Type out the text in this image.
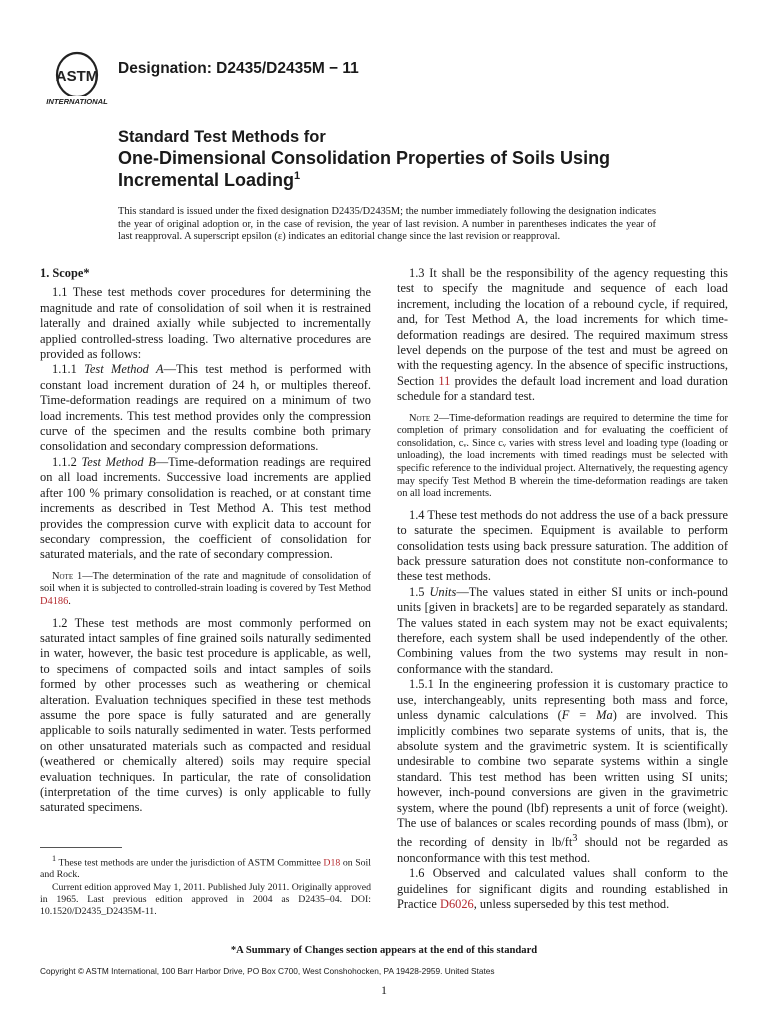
ASTM
INTERNATIONAL
Designation: D2435/D2435M − 11
Standard Test Methods for
One-Dimensional Consolidation Properties of Soils Using
Incremental Loading$^1$
This standard is issued under the fixed designation D2435/D2435M; the number immediately following the designation indicates the year of original adoption or, in the case of revision, the year of last revision. A number in parentheses indicates the year of last reapproval. A superscript epsilon (ε) indicates an editorial change since the last revision or reapproval.

1. Scope*

1.1 These test methods cover procedures for determining the magnitude and rate of consolidation of soil when it is restrained laterally and drained axially while subjected to incrementally applied controlled-stress loading. Two alternative procedures are provided as follows:

1.1.1 Test Method A—This test method is performed with constant load increment duration of 24 h, or multiples thereof. Time-deformation readings are required on a minimum of two load increments. This test method provides only the compression curve of the specimen and the results combine both primary consolidation and secondary compression deformations.

1.1.2 Test Method B—Time-deformation readings are required on all load increments. Successive load increments are applied after 100 % primary consolidation is reached, or at constant time increments as described in Test Method A. This test method provides the compression curve with explicit data to account for secondary compression, the coefficient of consolidation for saturated materials, and the rate of secondary compression.

Note 1—The determination of the rate and magnitude of consolidation of soil when it is subjected to controlled-strain loading is covered by Test Method D4186.

1.2 These test methods are most commonly performed on saturated intact samples of fine grained soils naturally sedimented in water, however, the basic test procedure is applicable, as well, to specimens of compacted soils and intact samples of soils formed by other processes such as weathering or chemical alteration. Evaluation techniques specified in these test methods assume the pore space is fully saturated and are generally applicable to soils naturally sedimented in water. Tests performed on other unsaturated materials such as compacted and residual (weathered or chemically altered) soils may require special evaluation techniques. In particular, the rate of consolidation (interpretation of the time curves) is only applicable to fully saturated specimens.

$^1$ These test methods are under the jurisdiction of ASTM Committee D18 on Soil and Rock.

Current edition approved May 1, 2011. Published July 2011. Originally approved in 1965. Last previous edition approved in 2004 as D2435–04. DOI: 10.1520/D2435_D2435M-11.

1.3 It shall be the responsibility of the agency requesting this test to specify the magnitude and sequence of each load increment, including the location of a rebound cycle, if required, and, for Test Method A, the load increments for which time-deformation readings are desired. The required maximum stress level depends on the purpose of the test and must be agreed on with the requesting agency. In the absence of specific instructions, Section 11 provides the default load increment and load duration schedule for a standard test.

Note 2—Time-deformation readings are required to determine the time for completion of primary consolidation and for evaluating the coefficient of consolidation, cᵥ. Since cᵥ varies with stress level and loading type (loading or unloading), the load increments with timed readings must be selected with specific reference to the individual project. Alternatively, the requesting agency may specify Test Method B wherein the time-deformation readings are taken on all load increments.

1.4 These test methods do not address the use of a back pressure to saturate the specimen. Equipment is available to perform consolidation tests using back pressure saturation. The addition of back pressure saturation does not constitute non-conformance to these test methods.

1.5 Units—The values stated in either SI units or inch-pound units [given in brackets] are to be regarded separately as standard. The values stated in each system may not be exact equivalents; therefore, each system shall be used independently of the other. Combining values from the two systems may result in non-conformance with the standard.

1.5.1 In the engineering profession it is customary practice to use, interchangeably, units representing both mass and force, unless dynamic calculations (F = Ma) are involved. This implicitly combines two separate systems of units, that is, the absolute system and the gravimetric system. It is scientifically undesirable to combine two separate systems within a single standard. This test method has been written using SI units; however, inch-pound conversions are given in the gravimetric system, where the pound (lbf) represents a unit of force (weight). The use of balances or scales recording pounds of mass (lbm), or the recording of density in $lb/ft^3$ should not be regarded as nonconformance with this test method.

1.6 Observed and calculated values shall conform to the guidelines for significant digits and rounding established in Practice D6026, unless superseded by this test method.

*A Summary of Changes section appears at the end of this standard
Copyright © ASTM International, 100 Barr Harbor Drive, PO Box C700, West Conshohocken, PA 19428-2959. United States
1
